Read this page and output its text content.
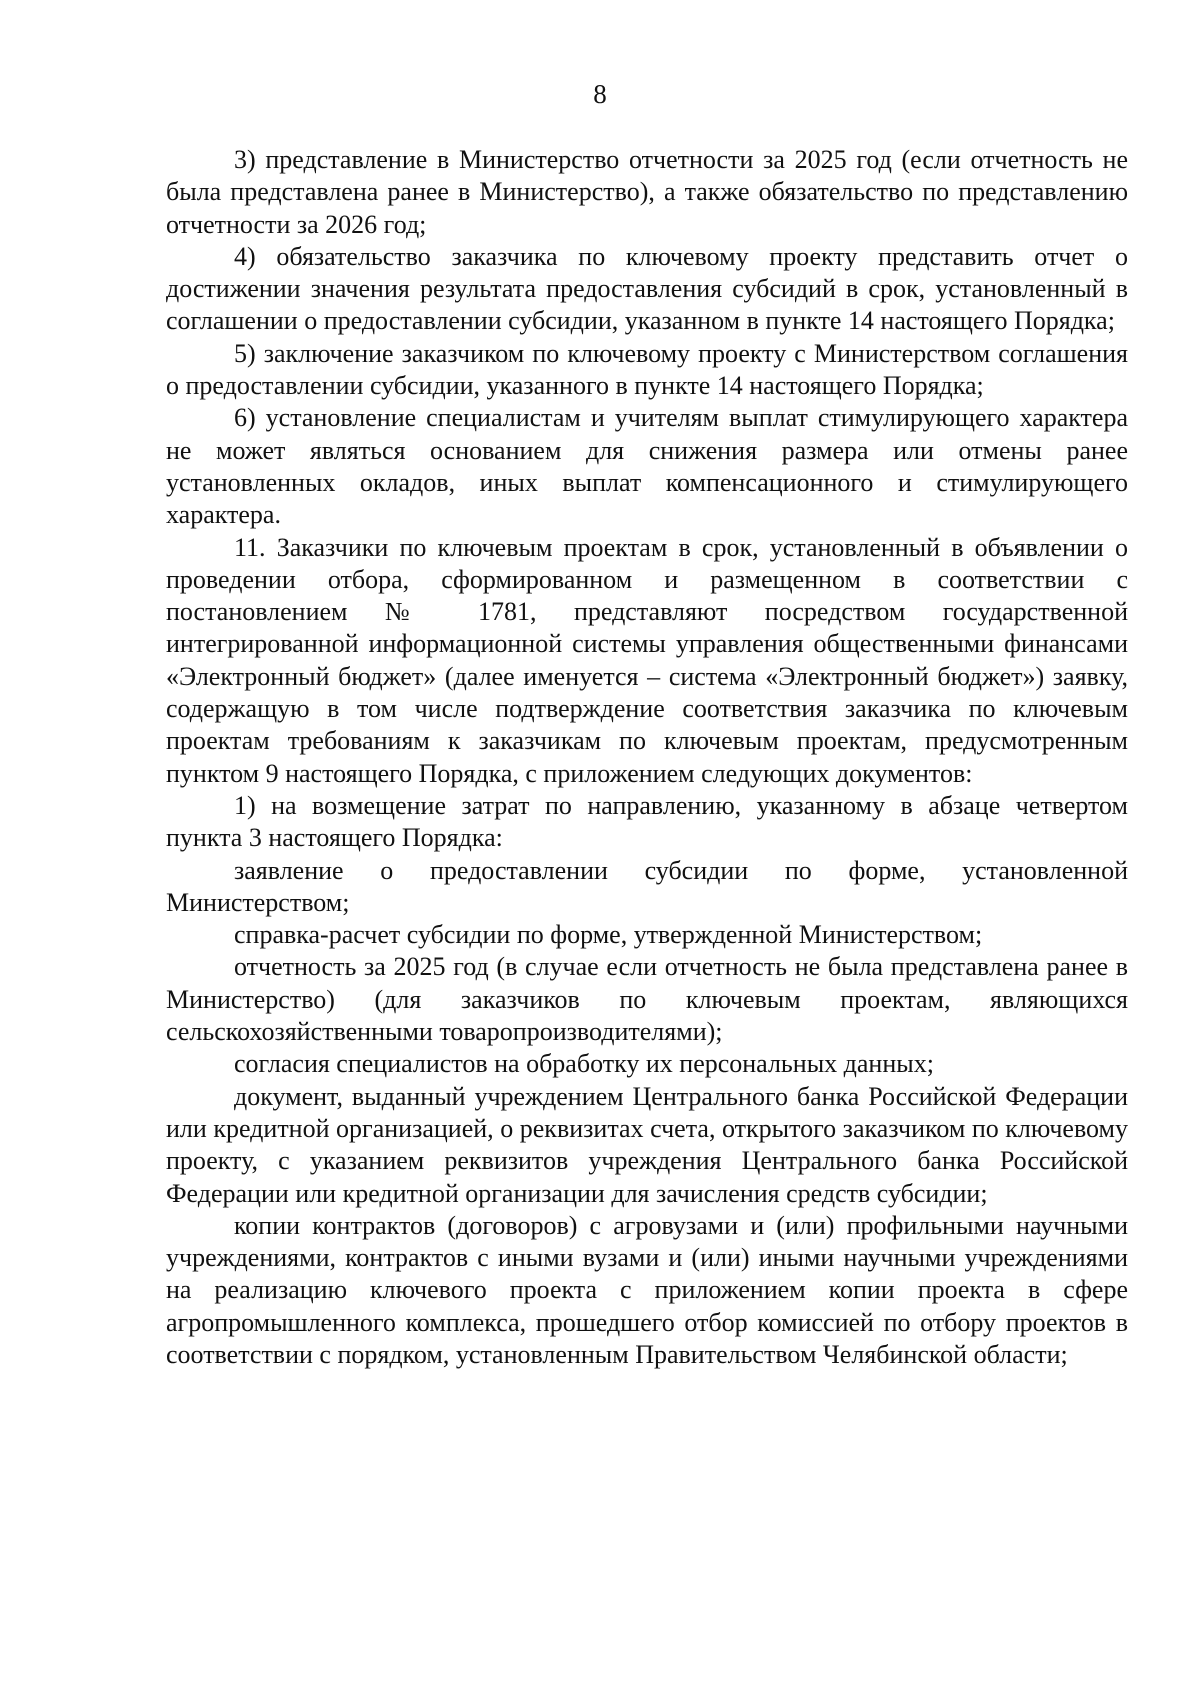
8

3) представление в Министерство отчетности за 2025 год (если отчетность не была представлена ранее в Министерство), а также обязательство по представлению отчетности за 2026 год;

4) обязательство заказчика по ключевому проекту представить отчет о достижении значения результата предоставления субсидий в срок, установленный в соглашении о предоставлении субсидии, указанном в пункте 14 настоящего Порядка;

5) заключение заказчиком по ключевому проекту с Министерством соглашения о предоставлении субсидии, указанного в пункте 14 настоящего Порядка;

6) установление специалистам и учителям выплат стимулирующего характера не может являться основанием для снижения размера или отмены ранее установленных окладов, иных выплат компенсационного и стимулирующего характера.

11. Заказчики по ключевым проектам в срок, установленный в объявлении о проведении отбора, сформированном и размещенном в соответствии с постановлением № 1781, представляют посредством государственной интегрированной информационной системы управления общественными финансами «Электронный бюджет» (далее именуется – система «Электронный бюджет») заявку, содержащую в том числе подтверждение соответствия заказчика по ключевым проектам требованиям к заказчикам по ключевым проектам, предусмотренным пунктом 9 настоящего Порядка, с приложением следующих документов:

1) на возмещение затрат по направлению, указанному в абзаце четвертом пункта 3 настоящего Порядка:

заявление о предоставлении субсидии по форме, установленной Министерством;

справка-расчет субсидии по форме, утвержденной Министерством;

отчетность за 2025 год (в случае если отчетность не была представлена ранее в Министерство) (для заказчиков по ключевым проектам, являющихся сельскохозяйственными товаропроизводителями);

согласия специалистов на обработку их персональных данных;

документ, выданный учреждением Центрального банка Российской Федерации или кредитной организацией, о реквизитах счета, открытого заказчиком по ключевому проекту, с указанием реквизитов учреждения Центрального банка Российской Федерации или кредитной организации для зачисления средств субсидии;

копии контрактов (договоров) с агровузами и (или) профильными научными учреждениями, контрактов с иными вузами и (или) иными научными учреждениями на реализацию ключевого проекта с приложением копии проекта в сфере агропромышленного комплекса, прошедшего отбор комиссией по отбору проектов в соответствии с порядком, установленным Правительством Челябинской области;
